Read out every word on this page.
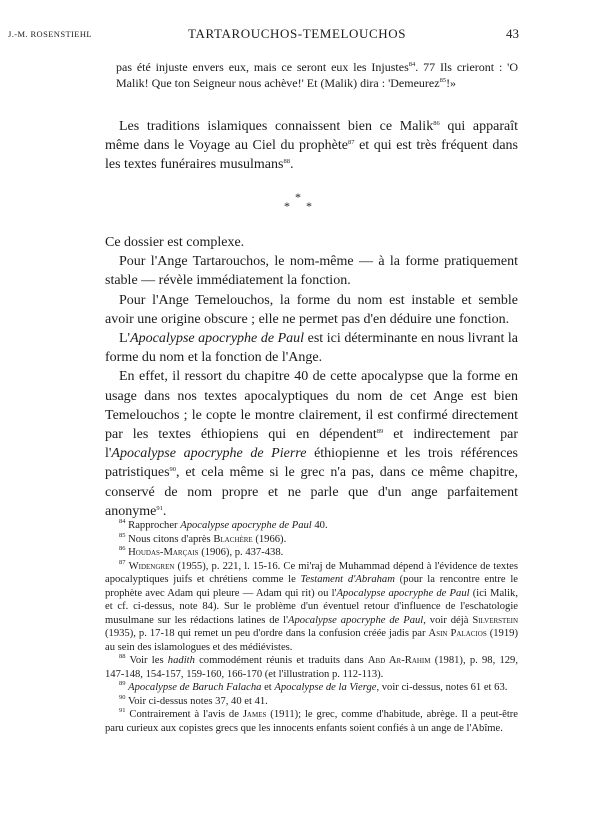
J.-M. ROSENSTIEHL	TARTAROUCHOS-TEMELOUCHOS	43
pas été injuste envers eux, mais ce seront eux les Injustes$^{84}$. 77 Ils crieront : 'O Malik! Que ton Seigneur nous achève!' Et (Malik) dira : 'Demeurez$^{85}$!»

Les traditions islamiques connaissent bien ce Malik$^{86}$ qui apparaît même dans le Voyage au Ciel du prophète$^{87}$ et qui est très fréquent dans les textes funéraires musulmans$^{88}$.

*
* *

Ce dossier est complexe.

Pour l'Ange Tartarouchos, le nom-même — à la forme pratiquement stable — révèle immédiatement la fonction.

Pour l'Ange Temelouchos, la forme du nom est instable et semble avoir une origine obscure ; elle ne permet pas d'en déduire une fonction.

L'Apocalypse apocryphe de Paul est ici déterminante en nous livrant la forme du nom et la fonction de l'Ange.

En effet, il ressort du chapitre 40 de cette apocalypse que la forme en usage dans nos textes apocalyptiques du nom de cet Ange est bien Temelouchos ; le copte le montre clairement, il est confirmé directement par les textes éthiopiens qui en dépendent$^{89}$ et indirectement par l'Apocalypse apocryphe de Pierre éthiopienne et les trois références patristiques$^{90}$, et cela même si le grec n'a pas, dans ce même chapitre, conservé de nom propre et ne parle que d'un ange parfaitement anonyme$^{91}$.

$^{84}$ Rapprocher Apocalypse apocryphe de Paul 40.

$^{85}$ Nous citons d'après Blachère (1966).

$^{86}$ Houdas-Marçais (1906), p. 437-438.

$^{87}$ Widengren (1955), p. 221, l. 15-16. Ce mi'raj de Muhammad dépend à l'évidence de textes apocalyptiques juifs et chrétiens comme le Testament d'Abraham (pour la rencontre entre le prophète avec Adam qui pleure — Adam qui rit) ou l'Apocalypse apocryphe de Paul (ici Malik, et cf. ci-dessus, note 84). Sur le problème d'un éventuel retour d'influence de l'eschatologie musulmane sur les rédactions latines de l'Apocalypse apocryphe de Paul, voir déjà Silverstein (1935), p. 17-18 qui remet un peu d'ordre dans la confusion créée jadis par Asin Palacios (1919) au sein des islamologues et des médiévistes.

$^{88}$ Voir les hadith commodément réunis et traduits dans Abd Ar-Rahim (1981), p. 98, 129, 147-148, 154-157, 159-160, 166-170 (et l'illustration p. 112-113).

$^{89}$ Apocalypse de Baruch Falacha et Apocalypse de la Vierge, voir ci-dessus, notes 61 et 63.

$^{90}$ Voir ci-dessus notes 37, 40 et 41.

$^{91}$ Contrairement à l'avis de James (1911); le grec, comme d'habitude, abrège. Il a peut-être paru curieux aux copistes grecs que les innocents enfants soient confiés à un ange de l'Abîme.
